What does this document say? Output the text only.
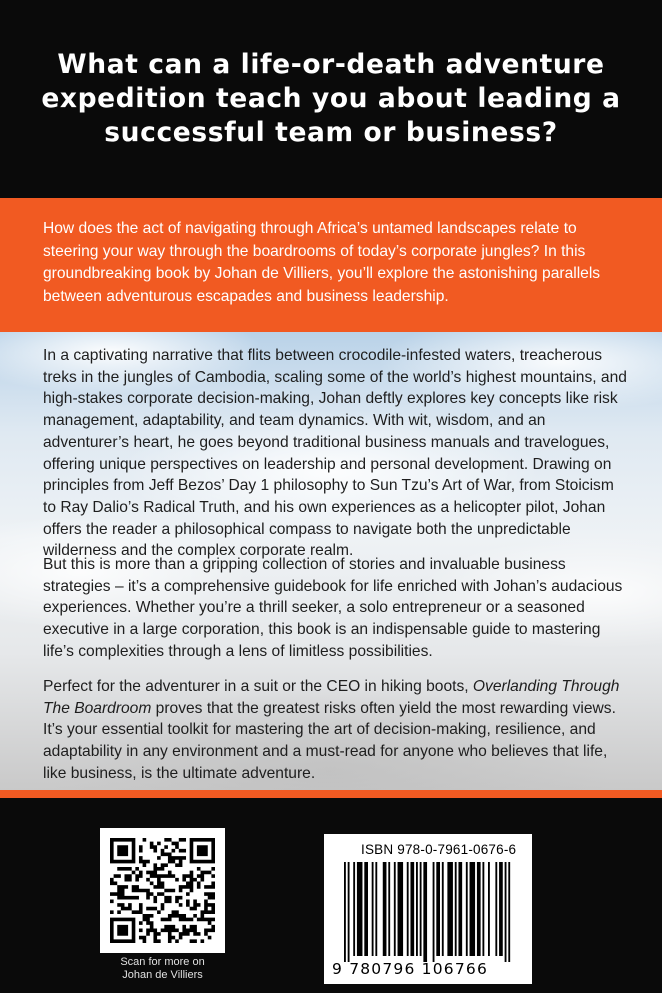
What can a life-or-death adventure expedition teach you about leading a successful team or business?

How does the act of navigating through Africa’s untamed landscapes relate to steering your way through the boardrooms of today’s corporate jungles? In this groundbreaking book by Johan de Villiers, you’ll explore the astonishing parallels between adventurous escapades and business leadership.

In a captivating narrative that flits between crocodile-infested waters, treacherous treks in the jungles of Cambodia, scaling some of the world’s highest mountains, and high-stakes corporate decision-making, Johan deftly explores key concepts like risk management, adaptability, and team dynamics. With wit, wisdom, and an adventurer’s heart, he goes beyond traditional business manuals and travelogues, offering unique perspectives on leadership and personal development. Drawing on principles from Jeff Bezos’ Day 1 philosophy to Sun Tzu’s Art of War, from Stoicism to Ray Dalio’s Radical Truth, and his own experiences as a helicopter pilot, Johan offers the reader a philosophical compass to navigate both the unpredictable wilderness and the complex corporate realm.

But this is more than a gripping collection of stories and invaluable business strategies – it’s a comprehensive guidebook for life enriched with Johan’s audacious experiences. Whether you’re a thrill seeker, a solo entrepreneur or a seasoned executive in a large corporation, this book is an indispensable guide to mastering life’s complexities through a lens of limitless possibilities.

Perfect for the adventurer in a suit or the CEO in hiking boots, Overlanding Through The Boardroom proves that the greatest risks often yield the most rewarding views. It’s your essential toolkit for mastering the art of decision-making, resilience, and adaptability in any environment and a must-read for anyone who believes that life, like business, is the ultimate adventure.

Scan for more on
Johan de Villiers
ISBN 978-0-7961-0676-6
9 780796 106766
